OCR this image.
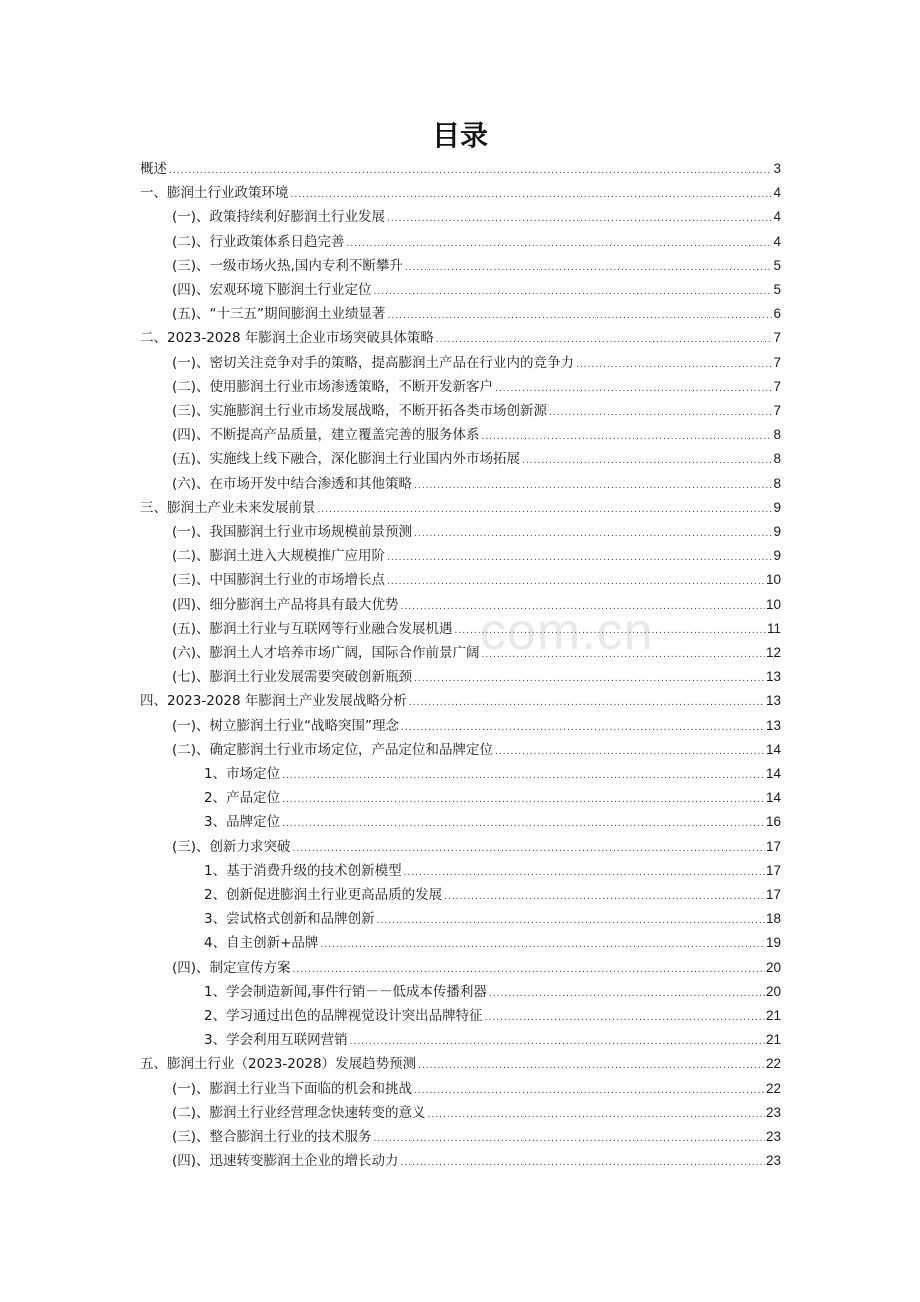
目录
com.cn
概述 .....	3
一、膨润土行业政策环境 .....	4
(一)、政策持续利好膨润土行业发展 .....	4
(二)、行业政策体系日趋完善 .....	4
(三)、一级市场火热,国内专利不断攀升 .....	5
(四)、宏观环境下膨润土行业定位 .....	5
(五)、“十三五”期间膨润土业绩显著 .....	6
二、2023-2028 年膨润土企业市场突破具体策略 .....	7
(一)、密切关注竞争对手的策略，提高膨润土产品在行业内的竞争力 .....	7
(二)、使用膨润土行业市场渗透策略，不断开发新客户 .....	7
(三)、实施膨润土行业市场发展战略，不断开拓各类市场创新源 .....	7
(四)、不断提高产品质量，建立覆盖完善的服务体系 .....	8
(五)、实施线上线下融合，深化膨润土行业国内外市场拓展 .....	8
(六)、在市场开发中结合渗透和其他策略 .....	8
三、膨润土产业未来发展前景 .....	9
(一)、我国膨润土行业市场规模前景预测 .....	9
(二)、膨润土进入大规模推广应用阶 .....	9
(三)、中国膨润土行业的市场增长点 .....	10
(四)、细分膨润土产品将具有最大优势 .....	10
(五)、膨润土行业与互联网等行业融合发展机遇 .....	11
(六)、膨润土人才培养市场广阔，国际合作前景广阔 .....	12
(七)、膨润土行业发展需要突破创新瓶颈 .....	13
四、2023-2028 年膨润土产业发展战略分析 .....	13
(一)、树立膨润土行业“战略突围”理念 .....	13
(二)、确定膨润土行业市场定位，产品定位和品牌定位 .....	14
1、市场定位 .....	14
2、产品定位 .....	14
3、品牌定位 .....	16
(三)、创新力求突破 .....	17
1、基于消费升级的技术创新模型 .....	17
2、创新促进膨润土行业更高品质的发展 .....	17
3、尝试格式创新和品牌创新 .....	18
4、自主创新+品牌 .....	19
(四)、制定宣传方案 .....	20
1、学会制造新闻,事件行销－－低成本传播利器 .....	20
2、学习通过出色的品牌视觉设计突出品牌特征 .....	21
3、学会利用互联网营销 .....	21
五、膨润土行业（2023-2028）发展趋势预测 .....	22
(一)、膨润土行业当下面临的机会和挑战 .....	22
(二)、膨润土行业经营理念快速转变的意义 .....	23
(三)、整合膨润土行业的技术服务 .....	23
(四)、迅速转变膨润土企业的增长动力 .....	23
